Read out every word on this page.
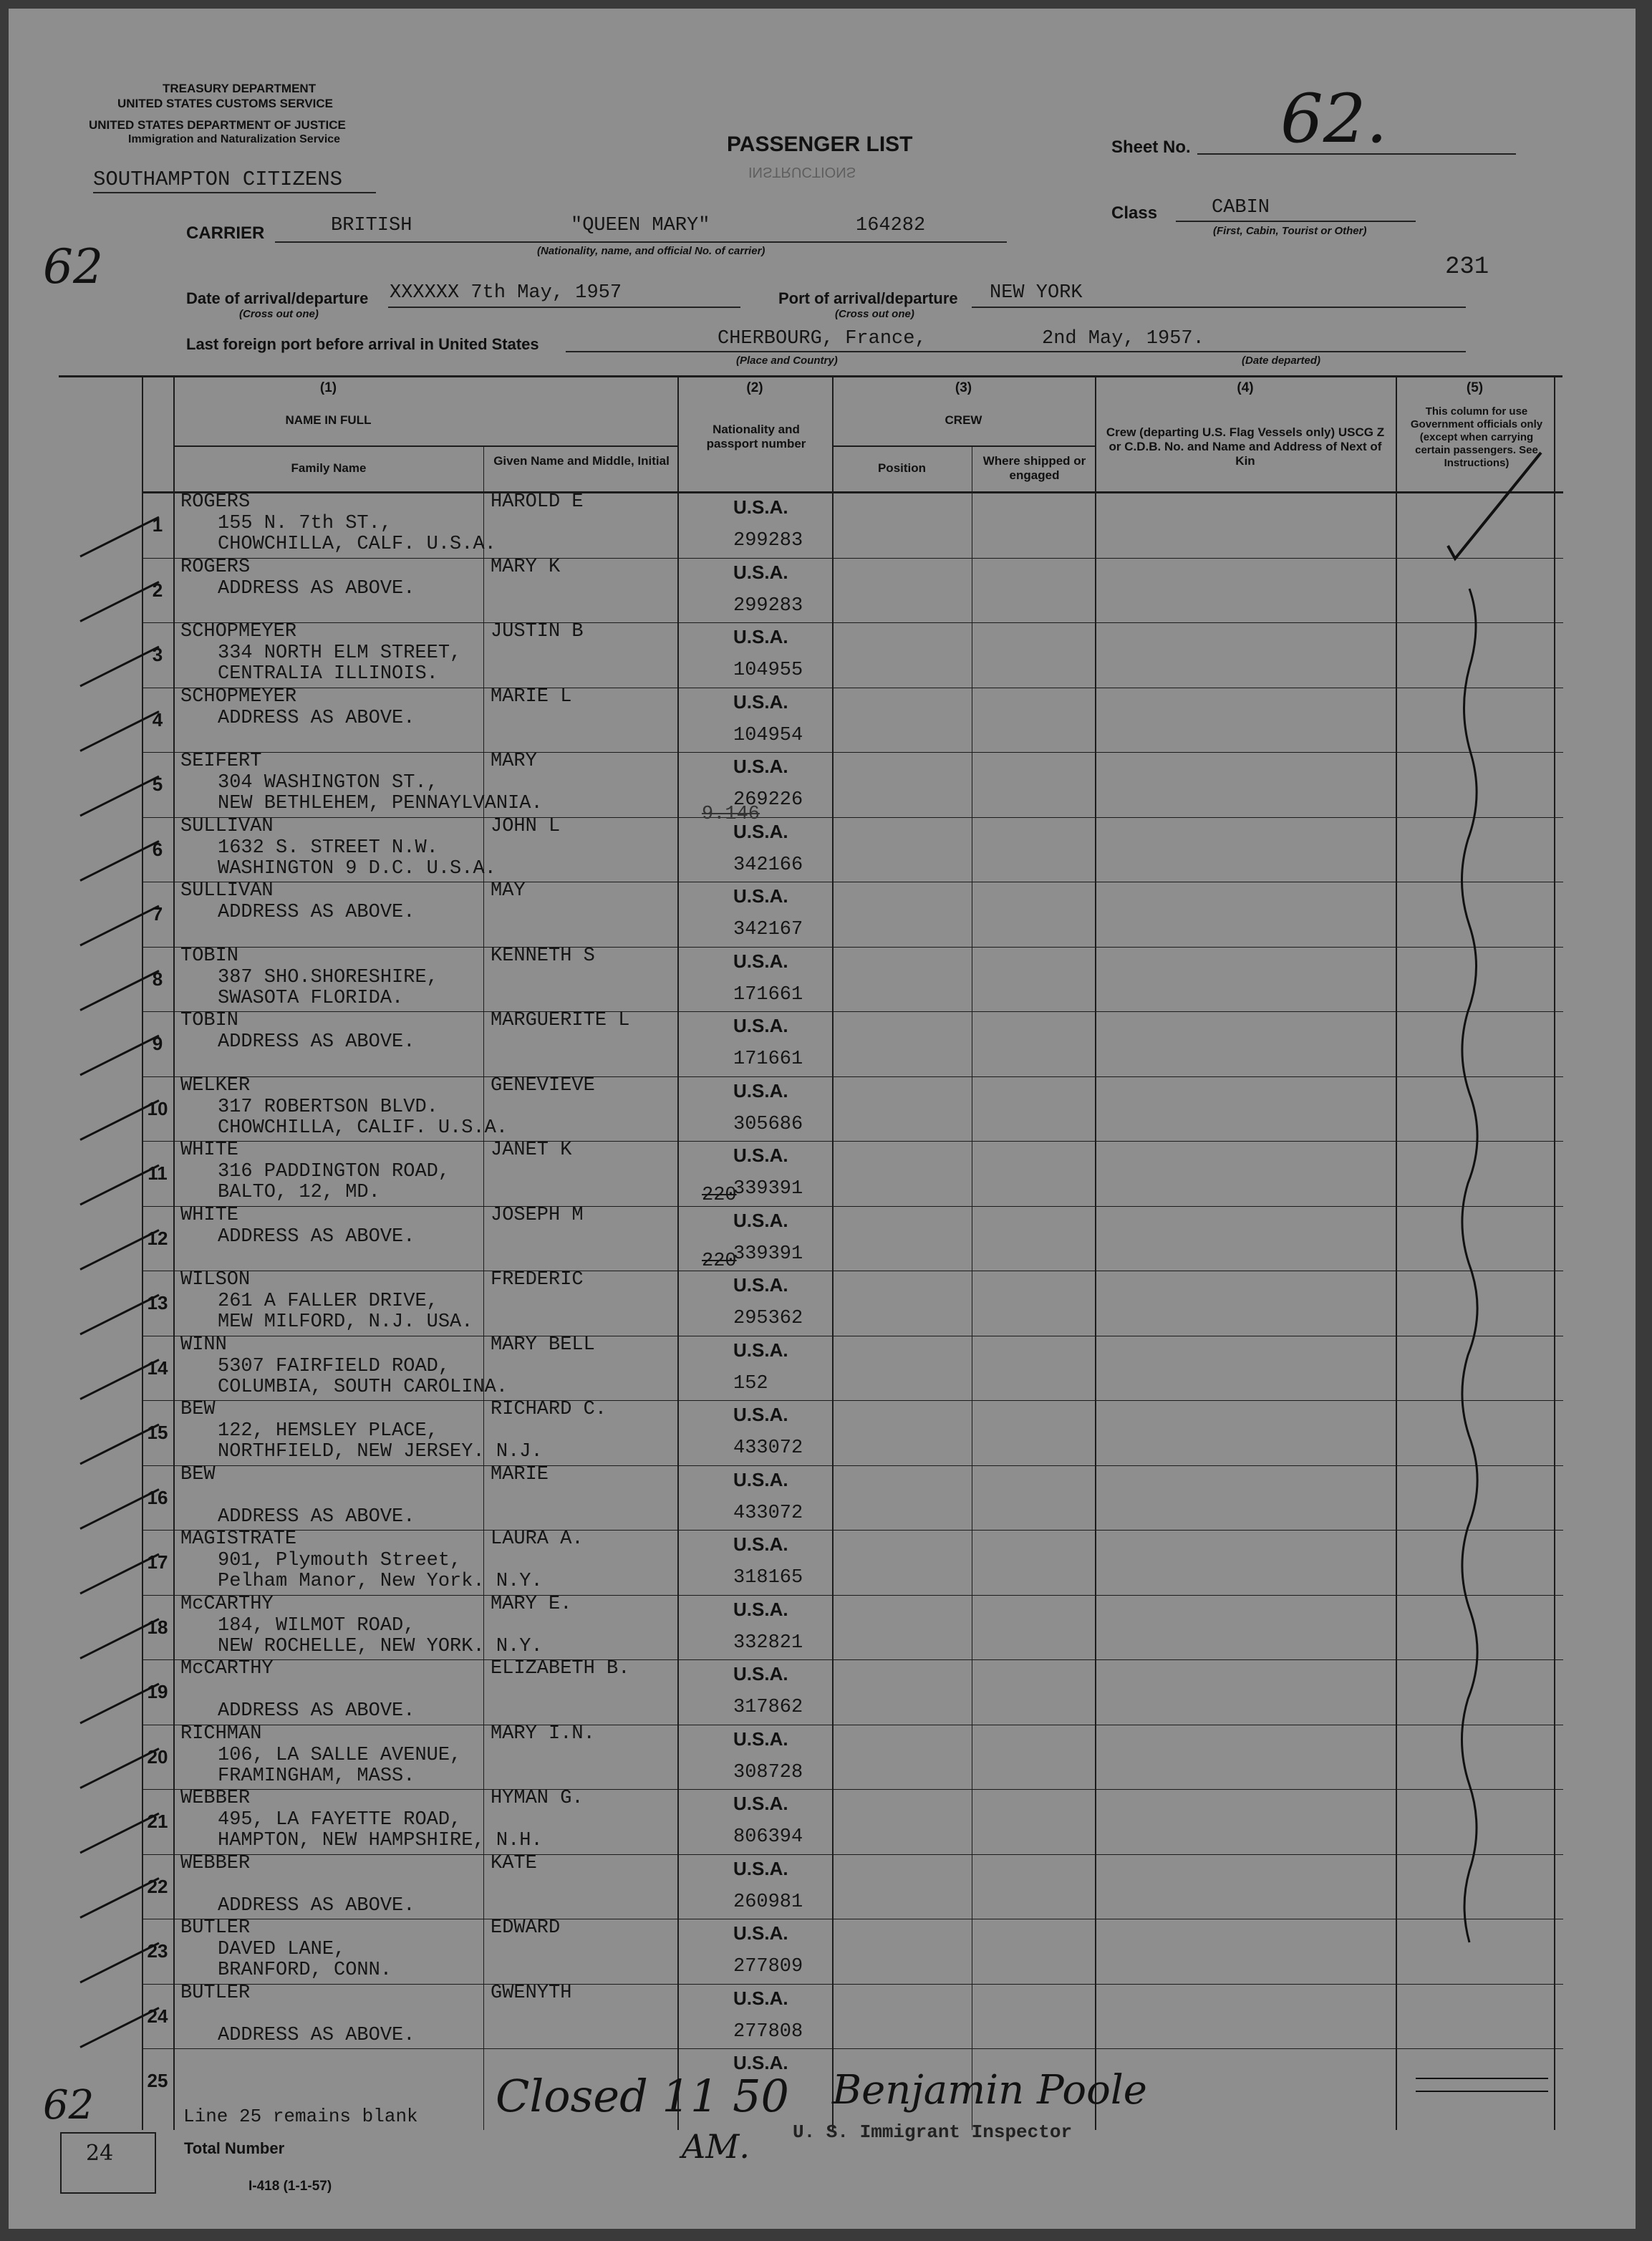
TREASURY DEPARTMENT
UNITED STATES CUSTOMS SERVICE
UNITED STATES DEPARTMENT OF JUSTICE
Immigration and Naturalization Service	PASSENGER LIST
INSTRUCTIONS
Sheet No. 62.
SOUTHAMPTON CITIZENS
CARRIER	BRITISH	"QUEEN MARY"	164282
(Nationality, name, and official No. of carrier)
Class	CABIN
(First, Cabin, Tourist or Other)
231
62
Date of arrival/departure
(Cross out one)
XXXXXX 7th May, 1957	Port of arrival/departure
(Cross out one)
NEW YORK
Last foreign port before arrival in United States	CHERBOURG, France,
(Place and Country)
2nd May, 1957.
(Date departed)
(1)
NAME IN FULL
Family Name
Given Name and Middle, Initial
(2)
Nationality and passport number
(3)
CREW
Position
Where shipped or engaged
(4)
Crew (departing U.S. Flag Vessels only) USCG Z or C.D.B. No. and Name and Address of Next of Kin
(5)
This column for use Government officials only (except when carrying certain passengers. See Instructions)
1
ROGERS	HAROLD E
155 N. 7th ST.,
CHOWCHILLA, CALF. U.S.A.
U.S.A.
299283
2
ROGERS	MARY K
ADDRESS AS ABOVE.
U.S.A.
299283
3
SCHOPMEYER	JUSTIN B
334 NORTH ELM STREET,
CENTRALIA ILLINOIS.
U.S.A.
104955
4
SCHOPMEYER	MARIE L
ADDRESS AS ABOVE.
U.S.A.
104954
5
SEIFERT	MARY
304 WASHINGTON ST.,
NEW BETHLEHEM, PENNAYLVANIA.
U.S.A.
269226
6
SULLIVAN	JOHN L
1632 S. STREET N.W.
WASHINGTON 9 D.C. U.S.A.
U.S.A.
342166
7
SULLIVAN	MAY
ADDRESS AS ABOVE.
U.S.A.
342167
8
TOBIN	KENNETH S
387 SHO.SHORESHIRE,
SWASOTA FLORIDA.
U.S.A.
171661
9
TOBIN	MARGUERITE L
ADDRESS AS ABOVE.
U.S.A.
171661
10
WELKER	GENEVIEVE
317 ROBERTSON BLVD.
CHOWCHILLA, CALIF. U.S.A.
U.S.A.
305686
11
WHITE	JANET K
316 PADDINGTON ROAD,
BALTO, 12, MD.
U.S.A.
339391
12
WHITE	JOSEPH M
ADDRESS AS ABOVE.
U.S.A.
339391
13
WILSON	FREDERIC
261 A FALLER DRIVE,
MEW MILFORD, N.J. USA.
U.S.A.
295362
14
WINN	MARY BELL
5307 FAIRFIELD ROAD,
COLUMBIA, SOUTH CAROLINA.
U.S.A.
152
15
BEW	RICHARD C.
122, HEMSLEY PLACE,
NORTHFIELD, NEW JERSEY. N.J.
U.S.A.
433072
16
BEW	MARIE
ADDRESS AS ABOVE.
U.S.A.
433072
17
MAGISTRATE	LAURA A.
901, Plymouth Street,
Pelham Manor, New York. N.Y.
U.S.A.
318165
18
McCARTHY	MARY E.
184, WILMOT ROAD,
NEW ROCHELLE, NEW YORK. N.Y.
U.S.A.
332821
19
McCARTHY	ELIZABETH B.
ADDRESS AS ABOVE.
U.S.A.
317862
20
RICHMAN	MARY I.N.
106, LA SALLE AVENUE,
FRAMINGHAM, MASS.
U.S.A.
308728
21
WEBBER	HYMAN G.
495, LA FAYETTE ROAD,
HAMPTON, NEW HAMPSHIRE, N.H.
U.S.A.
806394
22
WEBBER	KATE
ADDRESS AS ABOVE.
U.S.A.
260981
23
BUTLER	EDWARD
DAVED LANE,
BRANFORD, CONN.
U.S.A.
277809
24
BUTLER	GWENYTH
ADDRESS AS ABOVE.
U.S.A.
277808
25
U.S.A.
9.146
220
220
Line 25 remains blank Closed 11 50
AM.
Benjamin Poole
U. S. Immigrant Inspector
62
24	Total Number
I-418 (1-1-57)
